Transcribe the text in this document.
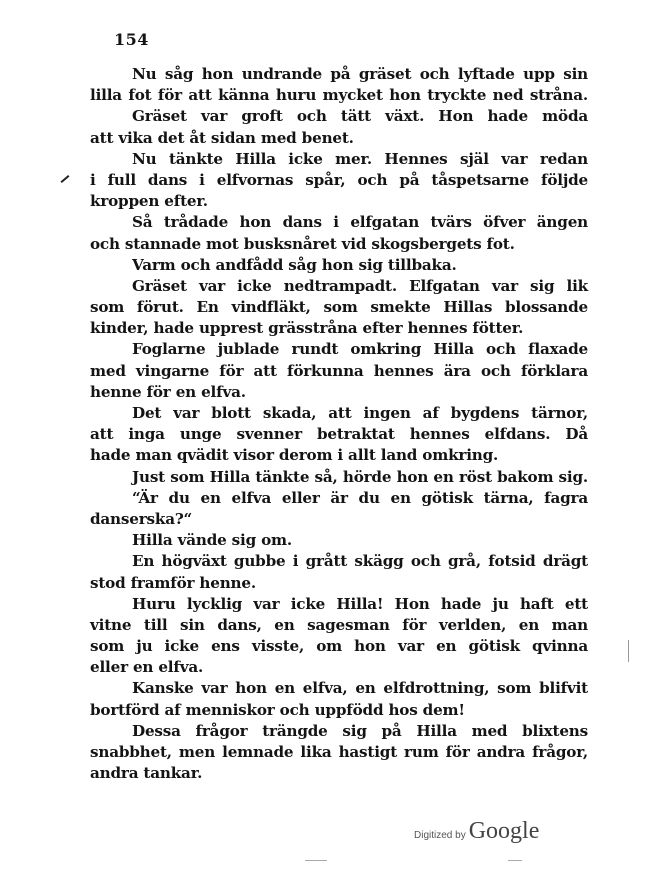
154
Nu såg hon undrande på gräset och lyftade upp sin
lilla fot för att känna huru mycket hon tryckte ned stråna.
Gräset var groft och tätt växt. Hon hade möda
att vika det åt sidan med benet.
Nu tänkte Hilla icke mer. Hennes själ var redan
i full dans i elfvornas spår, och på tåspetsarne följde
kroppen efter.
Så trådade hon dans i elfgatan tvärs öfver ängen
och stannade mot busksnåret vid skogsbergets fot.
Varm och andfådd såg hon sig tillbaka.
Gräset var icke nedtrampadt. Elfgatan var sig lik
som förut. En vindfläkt, som smekte Hillas blossande
kinder, hade upprest grässtråna efter hennes fötter.
Foglarne jublade rundt omkring Hilla och flaxade
med vingarne för att förkunna hennes ära och förklara
henne för en elfva.
Det var blott skada, att ingen af bygdens tärnor,
att inga unge svenner betraktat hennes elfdans. Då
hade man qvädit visor derom i allt land omkring.
Just som Hilla tänkte så, hörde hon en röst bakom sig.
“Är du en elfva eller är du en götisk tärna, fagra
danserska?“
Hilla vände sig om.
En högväxt gubbe i grått skägg och grå, fotsid drägt
stod framför henne.
Huru lycklig var icke Hilla! Hon hade ju haft ett
vitne till sin dans, en sagesman för verlden, en man
som ju icke ens visste, om hon var en götisk qvinna
eller en elfva.
Kanske var hon en elfva, en elfdrottning, som blifvit
bortförd af menniskor och uppfödd hos dem!
Dessa frågor trängde sig på Hilla med blixtens
snabbhet, men lemnade lika hastigt rum för andra frågor,
andra tankar.
Digitized by Google
